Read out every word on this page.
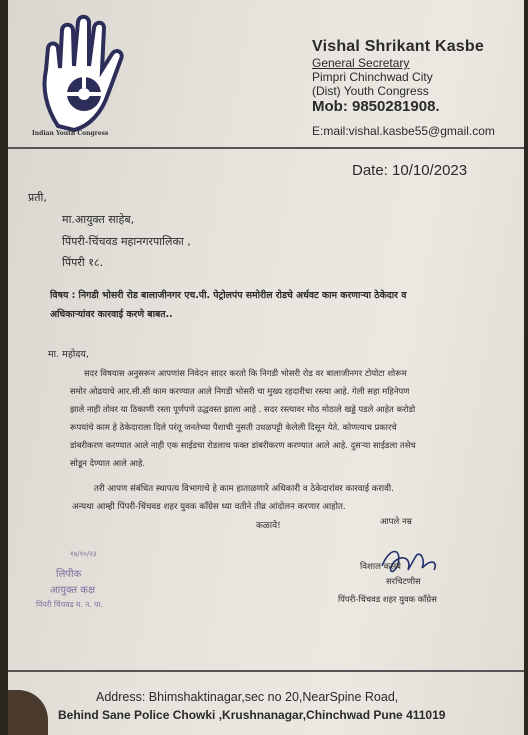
Indian Youth Congress
Vishal Shrikant Kasbe
General Secretary
Pimpri Chinchwad City
(Dist) Youth Congress
Mob: 9850281908.
E:mail:vishal.kasbe55@gmail.com
Date: 10/10/2023
प्रती,
मा.आयुक्त साहेब,
पिंपरी-चिंचवड महानगरपालिका ,
पिंपरी १८.
विषय : निगडी भोसरी रोड बालाजीनगर एच.पी. पेट्रोलपंप समोरील रोडचे अर्धवट काम करणाऱ्या ठेकेदार व
अधिकाऱ्यांवर कारवाई करणे बाबत..
मा. महोदय,
सदर विषयास अनुसरून आपणांस निवेदन सादर करतो कि निगडी भोसरी रोड वर बालाजीनगर टोयोटा शोरूम
समोर ओढयाचे आर.सी.सी काम करण्यात आले निगडी भोसरी चा मुख्य रहदारीचा रस्त्या आहे. गेली सहा महिनेपण
झाले नाही तोवर या ठिकाणी रस्ता पूर्णपणे उद्धवस्त झाला आहे . सदर रस्त्यावर मोठ मोठाले खड्डे पडले आहेत करोडो
रूपयांचे काम हे ठेकेदाराला दिले परंतू जनतेच्या पैशाची नुसती उधळपट्टी केलेली दिसून येते. कोणत्याच प्रकारचे
डांबरीकरण करण्यात आले नाही एक साईडचा रोडलाच फक्त डांबरीकरण करण्यात आले आहे. दुसऱ्या साईडला तसेच
सोडून देण्यात आले आहे.
तरी आपण संबंधित स्थापत्य विभागाचे हे काम हाताळणारे अधिकारी व ठेकेदारांवर कारवाई करावी.
अन्यथा आम्ही पिंपरी-चिंचवड शहर युवक कॉंग्रेस ध्या वतीने तीव्र आंदोलन करणार आहोत.
कळावे!
१७/१०/२३
लिपीक
आयुक्त कक्ष
पिंपरी चिंचवड म. न. पा.
आपले नम्र
विशाल कसबे
सरचिटणीस
पिंपरी-चिंचवड शहर युवक कॉंग्रेस
Address: Bhimshaktinagar,sec no 20,NearSpine Road,
Behind Sane Police Chowki ,Krushnanagar,Chinchwad Pune 411019
